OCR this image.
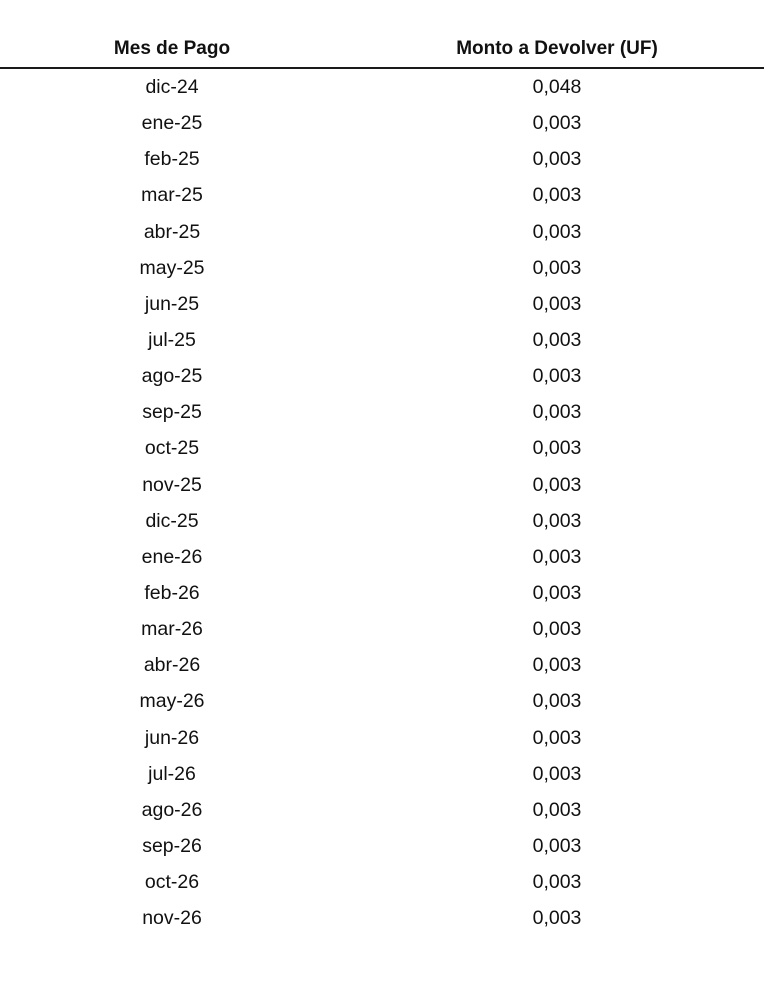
Mes de Pago	Monto a Devolver (UF)
dic-24	0,048
ene-25	0,003
feb-25	0,003
mar-25	0,003
abr-25	0,003
may-25	0,003
jun-25	0,003
jul-25	0,003
ago-25	0,003
sep-25	0,003
oct-25	0,003
nov-25	0,003
dic-25	0,003
ene-26	0,003
feb-26	0,003
mar-26	0,003
abr-26	0,003
may-26	0,003
jun-26	0,003
jul-26	0,003
ago-26	0,003
sep-26	0,003
oct-26	0,003
nov-26	0,003
